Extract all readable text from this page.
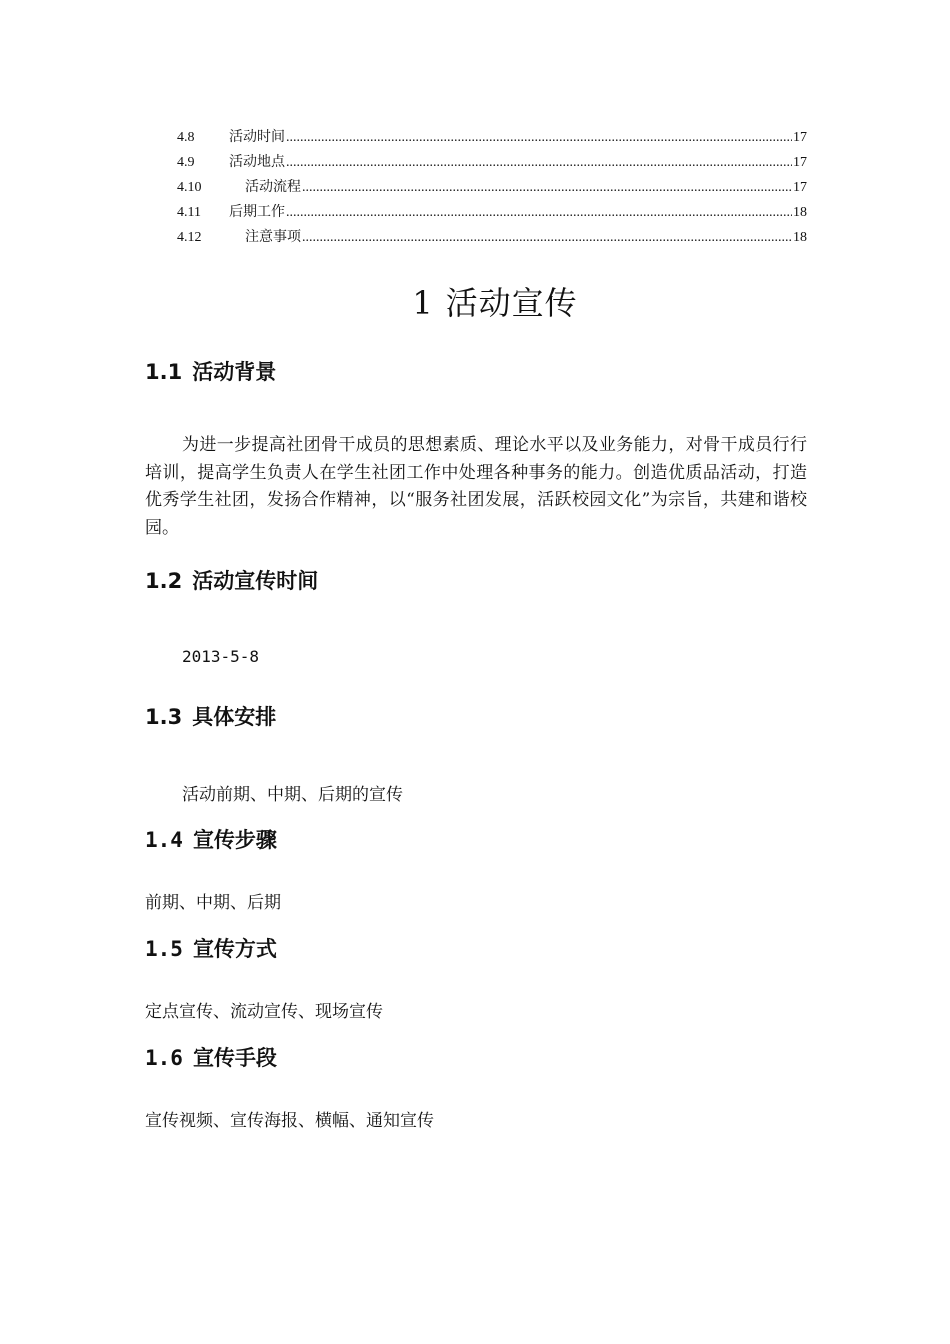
4.8	活动时间 .....	17
4.9	活动地点 .....	17
4.10	活动流程 .....	17
4.11	后期工作 .....	18
4.12	注意事项 .....	18
1 活动宣传
1.1 活动背景
为进一步提高社团骨干成员的思想素质、理论水平以及业务能力，对骨干成员行行培训，提高学生负责人在学生社团工作中处理各种事务的能力。创造优质品活动，打造优秀学生社团，发扬合作精神，以“服务社团发展，活跃校园文化”为宗旨，共建和谐校园。
1.2 活动宣传时间
2013-5-8
1.3 具体安排
活动前期、中期、后期的宣传
1.4 宣传步骤
前期、中期、后期
1.5 宣传方式
定点宣传、流动宣传、现场宣传
1.6 宣传手段
宣传视频、宣传海报、横幅、通知宣传
